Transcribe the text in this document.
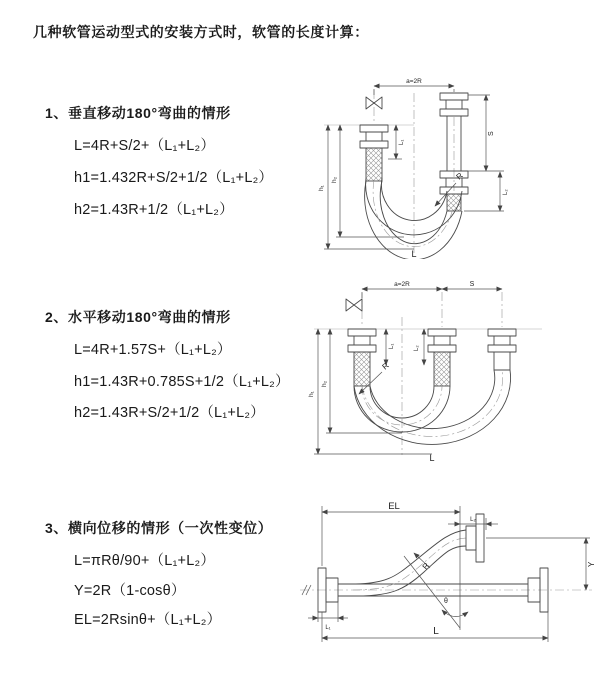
几种软管运动型式的安装方式时，软管的长度计算：
1、垂直移动180°弯曲的情形
L=4R+S/2+（L₁+L₂）
h1=1.432R+S/2+1/2（L₁+L₂）
h2=1.43R+1/2（L₁+L₂）
2、水平移动180°弯曲的情形
L=4R+1.57S+（L₁+L₂）
h1=1.43R+0.785S+1/2（L₁+L₂）
h2=1.43R+S/2+1/2（L₁+L₂）
3、横向位移的情形（一次性变位）
L=πRθ/90+（L₁+L₂）
Y=2R（1-cosθ）
EL=2Rsinθ+（L₁+L₂）
a=2R
h₁
h₂
L₁
S
L₂
R
L
a=2R	S
h₁
h₂
L₁	L₂
R
L
EL
L₂
Y
θ
R
L
L₁
